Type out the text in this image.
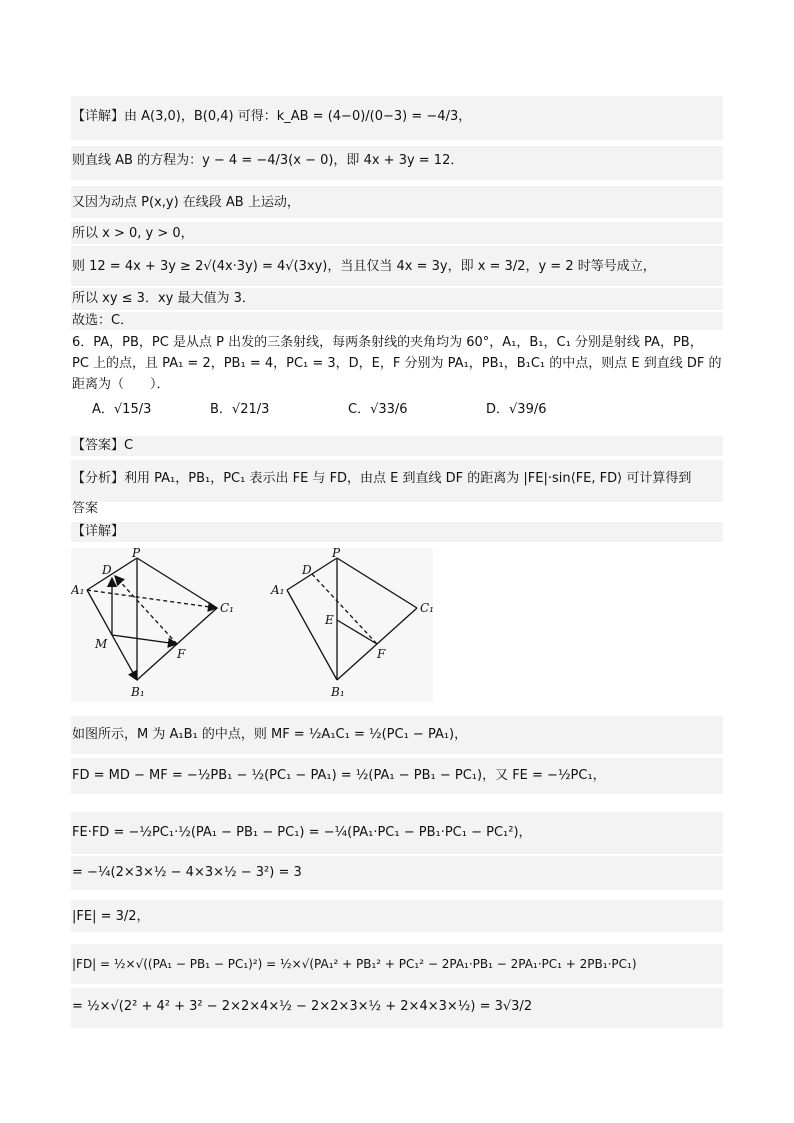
【详解】由 A(3,0)，B(0,4) 可得：k_AB = (4−0)/(0−3) = −4/3，
则直线 AB 的方程为：y − 4 = −4/3(x − 0)，即 4x + 3y = 12．
又因为动点 P(x,y) 在线段 AB 上运动，
所以 x > 0, y > 0，
则 12 = 4x + 3y ≥ 2√(4x·3y) = 4√(3xy)，当且仅当 4x = 3y，即 x = 3/2，y = 2 时等号成立，
所以 xy ≤ 3．xy 最大值为 3．
故选：C．
6．PA，PB，PC 是从点 P 出发的三条射线，每两条射线的夹角均为 60°，A₁，B₁，C₁ 分别是射线 PA，PB，
PC 上的点，且 PA₁ = 2，PB₁ = 4，PC₁ = 3，D，E，F 分别为 PA₁，PB₁，B₁C₁ 的中点，则点 E 到直线 DF 的
距离为（　　）．
A．√15/3	B．√21/3	C．√33/6	D．√39/6
【答案】C
【分析】利用 PA₁，PB₁，PC₁ 表示出 FE 与 FD，由点 E 到直线 DF 的距离为 |FE|·sin⟨FE, FD⟩ 可计算得到
答案
【详解】
P
D
A₁
C₁
M
F
B₁
P
D
A₁
C₁
E
F
B₁
如图所示，M 为 A₁B₁ 的中点，则 MF = ½A₁C₁ = ½(PC₁ − PA₁)，
FD = MD − MF = −½PB₁ − ½(PC₁ − PA₁) = ½(PA₁ − PB₁ − PC₁)，又 FE = −½PC₁，
FE·FD = −½PC₁·½(PA₁ − PB₁ − PC₁) = −¼(PA₁·PC₁ − PB₁·PC₁ − PC₁²)，
= −¼(2×3×½ − 4×3×½ − 3²) = 3
|FE| = 3/2，
|FD| = ½×√((PA₁ − PB₁ − PC₁)²) = ½×√(PA₁² + PB₁² + PC₁² − 2PA₁·PB₁ − 2PA₁·PC₁ + 2PB₁·PC₁)
= ½×√(2² + 4² + 3² − 2×2×4×½ − 2×2×3×½ + 2×4×3×½) = 3√3/2
